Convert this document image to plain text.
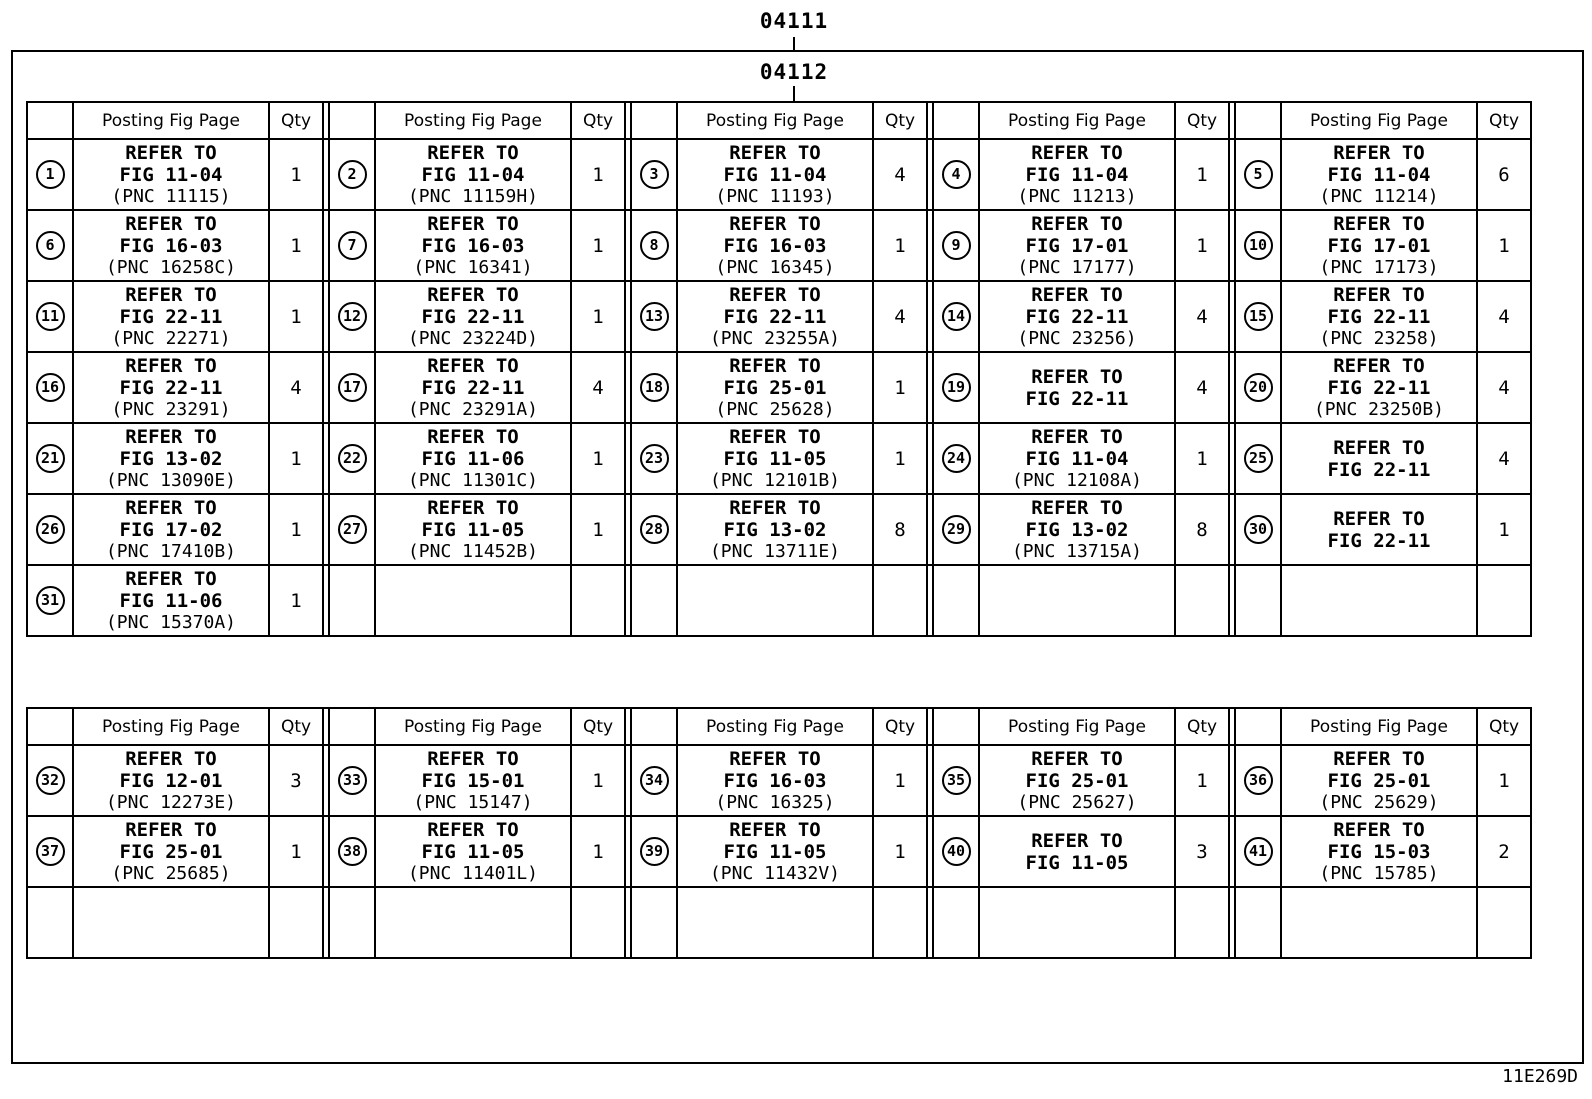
04111
04112
	Posting Fig Page	Qty			Posting Fig Page	Qty			Posting Fig Page	Qty			Posting Fig Page	Qty			Posting Fig Page	Qty
1	
REFER TO
FIG 11-04
(PNC 11115)
	1		2	
REFER TO
FIG 11-04
(PNC 11159H)
	1		3	
REFER TO
FIG 11-04
(PNC 11193)
	4		4	
REFER TO
FIG 11-04
(PNC 11213)
	1		5	
REFER TO
FIG 11-04
(PNC 11214)
	6
6	
REFER TO
FIG 16-03
(PNC 16258C)
	1		7	
REFER TO
FIG 16-03
(PNC 16341)
	1		8	
REFER TO
FIG 16-03
(PNC 16345)
	1		9	
REFER TO
FIG 17-01
(PNC 17177)
	1		10	
REFER TO
FIG 17-01
(PNC 17173)
	1
11	
REFER TO
FIG 22-11
(PNC 22271)
	1		12	
REFER TO
FIG 22-11
(PNC 23224D)
	1		13	
REFER TO
FIG 22-11
(PNC 23255A)
	4		14	
REFER TO
FIG 22-11
(PNC 23256)
	4		15	
REFER TO
FIG 22-11
(PNC 23258)
	4
16	
REFER TO
FIG 22-11
(PNC 23291)
	4		17	
REFER TO
FIG 22-11
(PNC 23291A)
	4		18	
REFER TO
FIG 25-01
(PNC 25628)
	1		19	REFER TO
FIG 22-11	4		20	
REFER TO
FIG 22-11
(PNC 23250B)
	4
21	
REFER TO
FIG 13-02
(PNC 13090E)
	1		22	
REFER TO
FIG 11-06
(PNC 11301C)
	1		23	
REFER TO
FIG 11-05
(PNC 12101B)
	1		24	
REFER TO
FIG 11-04
(PNC 12108A)
	1		25	REFER TO
FIG 22-11	4
26	
REFER TO
FIG 17-02
(PNC 17410B)
	1		27	
REFER TO
FIG 11-05
(PNC 11452B)
	1		28	
REFER TO
FIG 13-02
(PNC 13711E)
	8		29	
REFER TO
FIG 13-02
(PNC 13715A)
	8		30	REFER TO
FIG 22-11	1
31	REFER TO
FIG 11-06
(PNC 15370A)	1																
	Posting Fig Page	Qty			Posting Fig Page	Qty			Posting Fig Page	Qty			Posting Fig Page	Qty			Posting Fig Page	Qty
32	
REFER TO
FIG 12-01
(PNC 12273E)
	3		33	
REFER TO
FIG 15-01
(PNC 15147)
	1		34	
REFER TO
FIG 16-03
(PNC 16325)
	1		35	
REFER TO
FIG 25-01
(PNC 25627)
	1		36	
REFER TO
FIG 25-01
(PNC 25629)
	1
37	
REFER TO
FIG 25-01
(PNC 25685)
	1		38	
REFER TO
FIG 11-05
(PNC 11401L)
	1		39	
REFER TO
FIG 11-05
(PNC 11432V)
	1		40	REFER TO
FIG 11-05	3		41	
REFER TO
FIG 15-03
(PNC 15785)
	2

11E269D
